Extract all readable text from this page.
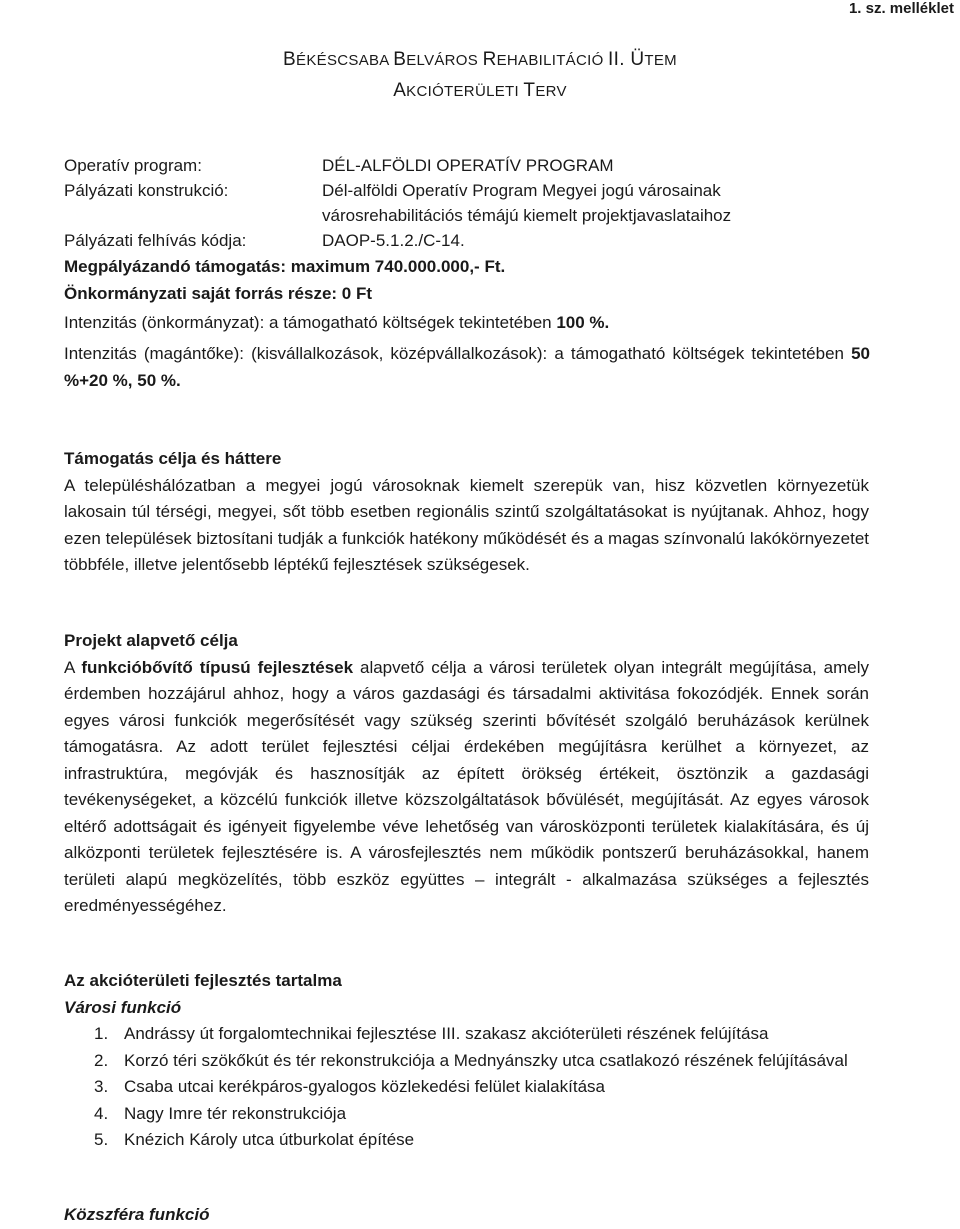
1. sz. melléklet
BÉKÉSCSABA BELVÁROS REHABILITÁCIÓ II. ÜTEM
AKCIÓTERÜLETI TERV
Operatív program:	DÉL-ALFÖLDI OPERATÍV PROGRAM
Pályázati konstrukció:	Dél-alföldi Operatív Program Megyei jogú városainak
városrehabilitációs témájú kiemelt projektjavaslataihoz
Pályázati felhívás kódja:	DAOP-5.1.2./C-14.
Megpályázandó támogatás: maximum 740.000.000,- Ft.
Önkormányzati saját forrás része: 0 Ft
Intenzitás (önkormányzat): a támogatható költségek tekintetében 100 %.
Intenzitás (magántőke): (kisvállalkozások, középvállalkozások): a támogatható költségek tekintetében 50 %+20 %, 50 %.
Támogatás célja és háttere
A településhálózatban a megyei jogú városoknak kiemelt szerepük van, hisz közvetlen környezetük lakosain túl térségi, megyei, sőt több esetben regionális szintű szolgáltatásokat is nyújtanak. Ahhoz, hogy ezen települések biztosítani tudják a funkciók hatékony működését és a magas színvonalú lakókörnyezetet többféle, illetve jelentősebb léptékű fejlesztések szükségesek.
Projekt alapvető célja
A funkcióbővítő típusú fejlesztések alapvető célja a városi területek olyan integrált megújítása, amely érdemben hozzájárul ahhoz, hogy a város gazdasági és társadalmi aktivitása fokozódjék. Ennek során egyes városi funkciók megerősítését vagy szükség szerinti bővítését szolgáló beruházások kerülnek támogatásra. Az adott terület fejlesztési céljai érdekében megújításra kerülhet a környezet, az infrastruktúra, megóvják és hasznosítják az épített örökség értékeit, ösztönzik a gazdasági tevékenységeket, a közcélú funkciók illetve közszolgáltatások bővülését, megújítását. Az egyes városok eltérő adottságait és igényeit figyelembe véve lehetőség van városközponti területek kialakítására, és új alközponti területek fejlesztésére is. A városfejlesztés nem működik pontszerű beruházásokkal, hanem területi alapú megközelítés, több eszköz együttes – integrált - alkalmazása szükséges a fejlesztés eredményességéhez.
Az akcióterületi fejlesztés tartalma
Városi funkció
1. Andrássy út forgalomtechnikai fejlesztése III. szakasz akcióterületi részének felújítása
2. Korzó téri szökőkút és tér rekonstrukciója a Mednyánszky utca csatlakozó részének felújításával
3. Csaba utcai kerékpáros-gyalogos közlekedési felület kialakítása
4. Nagy Imre tér rekonstrukciója
5. Knézich Károly utca útburkolat építése
Közszféra funkció
